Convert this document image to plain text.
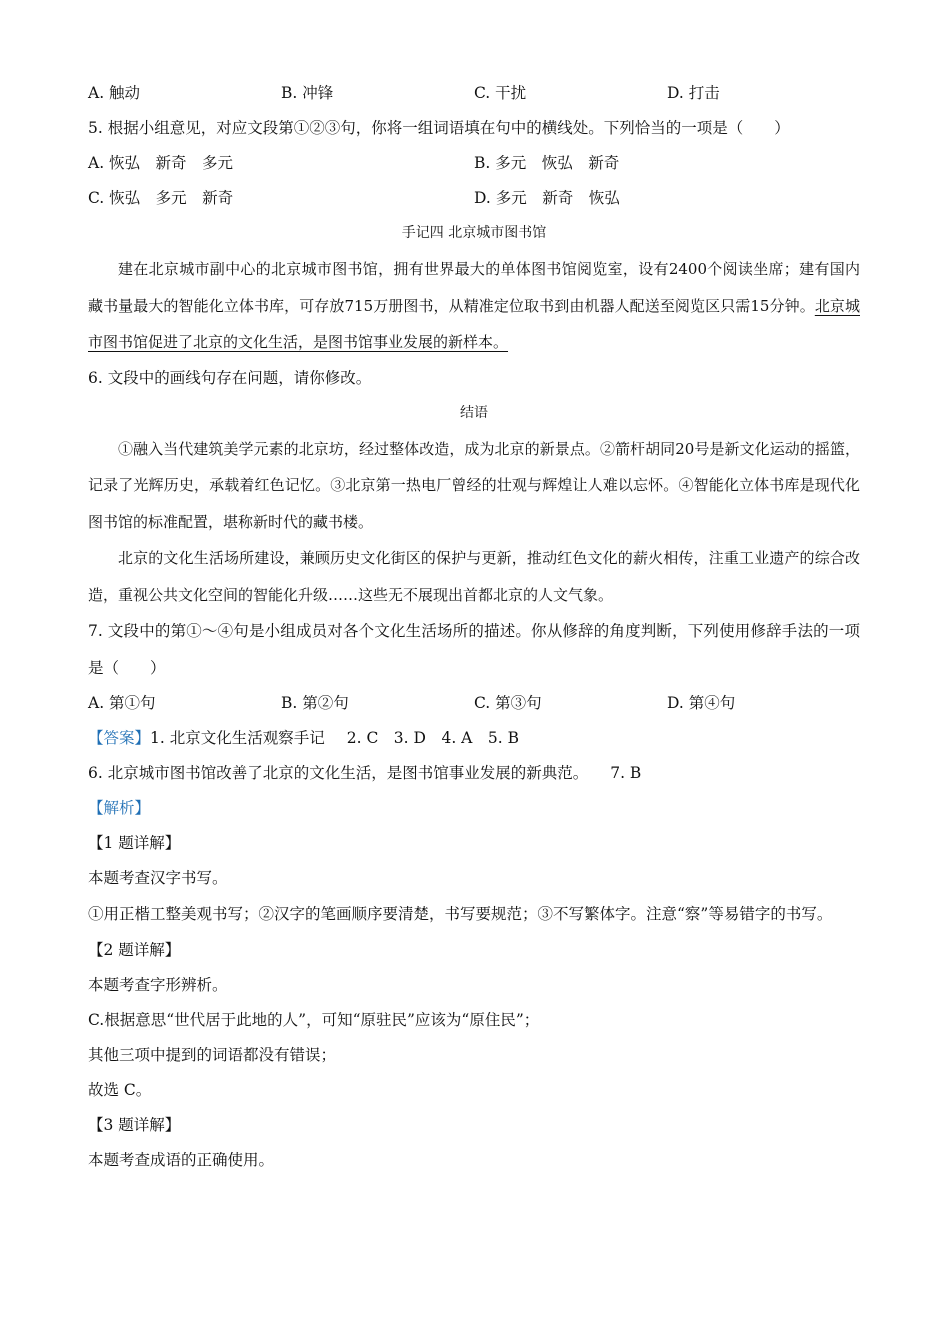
A. 触动	B. 冲锋	C. 干扰	D. 打击
5. 根据小组意见，对应文段第①②③句，你将一组词语填在句中的横线处。下列恰当的一项是（　　）
A. 恢弘　新奇　多元	B. 多元　恢弘　新奇
C. 恢弘　多元　新奇	D. 多元　新奇　恢弘
手记四 北京城市图书馆
建在北京城市副中心的北京城市图书馆，拥有世界最大的单体图书馆阅览室，设有2400个阅读坐席；建有国内藏书量最大的智能化立体书库，可存放715万册图书，从精准定位取书到由机器人配送至阅览区只需15分钟。北京城市图书馆促进了北京的文化生活，是图书馆事业发展的新样本。
6. 文段中的画线句存在问题，请你修改。
结语
①融入当代建筑美学元素的北京坊，经过整体改造，成为北京的新景点。②箭杆胡同20号是新文化运动的摇篮，记录了光辉历史，承载着红色记忆。③北京第一热电厂曾经的壮观与辉煌让人难以忘怀。④智能化立体书库是现代化图书馆的标准配置，堪称新时代的藏书楼。
北京的文化生活场所建设，兼顾历史文化街区的保护与更新，推动红色文化的薪火相传，注重工业遗产的综合改造，重视公共文化空间的智能化升级……这些无不展现出首都北京的人文气象。
7. 文段中的第①～④句是小组成员对各个文化生活场所的描述。你从修辞的角度判断，下列使用修辞手法的一项是（　　）
A. 第①句	B. 第②句	C. 第③句	D. 第④句
【答案】1. 北京文化生活观察手记 2. C　3. D　4. A　5. B
6. 北京城市图书馆改善了北京的文化生活，是图书馆事业发展的新典范。 7. B
【解析】
【1 题详解】
本题考查汉字书写。
①用正楷工整美观书写；②汉字的笔画顺序要清楚，书写要规范；③不写繁体字。注意“察”等易错字的书写。
【2 题详解】
本题考查字形辨析。
C.根据意思“世代居于此地的人”，可知“原驻民”应该为“原住民”；
其他三项中提到的词语都没有错误；
故选 C。
【3 题详解】
本题考查成语的正确使用。
